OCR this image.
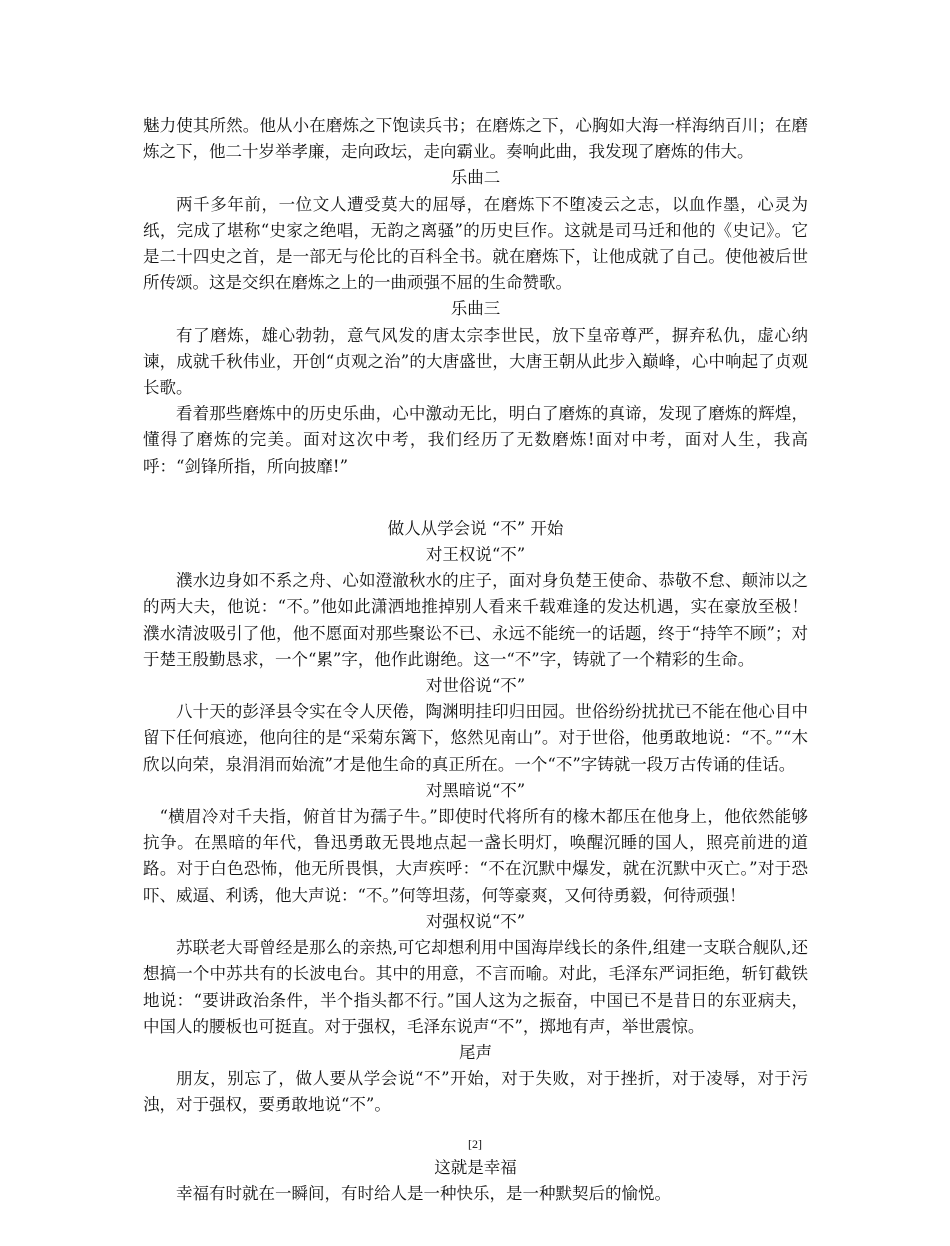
魅力使其所然。他从小在磨炼之下饱读兵书；在磨炼之下，心胸如大海一样海纳百川；在磨炼之下，他二十岁举孝廉，走向政坛，走向霸业。奏响此曲，我发现了磨炼的伟大。

乐曲二

两千多年前，一位文人遭受莫大的屈辱，在磨炼下不堕凌云之志，以血作墨，心灵为纸，完成了堪称“史家之绝唱，无韵之离骚”的历史巨作。这就是司马迁和他的《史记》。它是二十四史之首，是一部无与伦比的百科全书。就在磨炼下，让他成就了自己。使他被后世所传颂。这是交织在磨炼之上的一曲顽强不屈的生命赞歌。

乐曲三

有了磨炼，雄心勃勃，意气风发的唐太宗李世民，放下皇帝尊严，摒弃私仇，虚心纳谏，成就千秋伟业，开创“贞观之治”的大唐盛世，大唐王朝从此步入巅峰，心中响起了贞观长歌。

看着那些磨炼中的历史乐曲，心中激动无比，明白了磨炼的真谛，发现了磨炼的辉煌，懂得了磨炼的完美。面对这次中考，我们经历了无数磨炼!面对中考，面对人生，我高呼：“剑锋所指，所向披靡!”

做人从学会说 “不” 开始

对王权说“不”

濮水边身如不系之舟、心如澄澈秋水的庄子，面对身负楚王使命、恭敬不怠、颠沛以之的两大夫，他说：“不。”他如此潇洒地推掉别人看来千载难逢的发达机遇，实在豪放至极！濮水清波吸引了他，他不愿面对那些聚讼不已、永远不能统一的话题，终于“持竿不顾”；对于楚王殷勤恳求，一个“累”字，他作此谢绝。这一“不”字，铸就了一个精彩的生命。

对世俗说“不”

八十天的彭泽县令实在令人厌倦，陶渊明挂印归田园。世俗纷纷扰扰已不能在他心目中留下任何痕迹，他向往的是“采菊东篱下，悠然见南山”。对于世俗，他勇敢地说：“不。”“木欣以向荣，泉涓涓而始流”才是他生命的真正所在。一个“不”字铸就一段万古传诵的佳话。

对黑暗说“不”

“横眉冷对千夫指，俯首甘为孺子牛。”即使时代将所有的椽木都压在他身上，他依然能够抗争。在黑暗的年代，鲁迅勇敢无畏地点起一盏长明灯，唤醒沉睡的国人，照亮前进的道路。对于白色恐怖，他无所畏惧，大声疾呼：“不在沉默中爆发，就在沉默中灭亡。”对于恐吓、威逼、利诱，他大声说：“不。”何等坦荡，何等豪爽，又何待勇毅，何待顽强！

对强权说“不”

苏联老大哥曾经是那么的亲热,可它却想利用中国海岸线长的条件,组建一支联合舰队,还想搞一个中苏共有的长波电台。其中的用意，不言而喻。对此，毛泽东严词拒绝，斩钉截铁地说：“要讲政治条件，半个指头都不行。”国人这为之振奋，中国已不是昔日的东亚病夫，中国人的腰板也可挺直。对于强权，毛泽东说声“不”，掷地有声，举世震惊。

尾声

朋友，别忘了，做人要从学会说“不”开始，对于失败，对于挫折，对于凌辱，对于污浊，对于强权，要勇敢地说“不”。

这就是幸福

幸福有时就在一瞬间，有时给人是一种快乐，是一种默契后的愉悦。

[2]
